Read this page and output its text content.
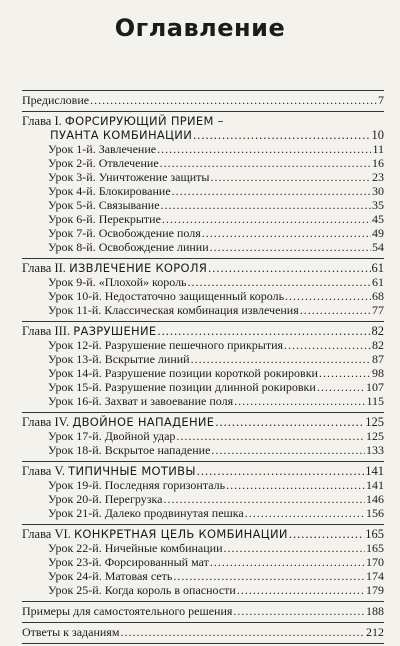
Оглавление
Предисловие .....	7
Глава I.
ФОРСИРУЮЩИЙ ПРИЕМ –
ПУАНТА КОМБИНАЦИИ .....	10
Урок 1-й. Завлечение .....	11
Урок 2-й. Отвлечение .....	16
Урок 3-й. Уничтожение защиты .....	23
Урок 4-й. Блокирование .....	30
Урок 5-й. Связывание .....	35
Урок 6-й. Перекрытие .....	45
Урок 7-й. Освобождение поля .....	49
Урок 8-й. Освобождение линии .....	54
Глава II.
ИЗВЛЕЧЕНИЕ КОРОЛЯ .....	61
Урок 9-й. «Плохой» король .....	61
Урок 10-й. Недостаточно защищенный король .....	68
Урок 11-й. Классическая комбинация извлечения .....	77
Глава III.
РАЗРУШЕНИЕ .....	82
Урок 12-й. Разрушение пешечного прикрытия .....	82
Урок 13-й. Вскрытие линий .....	87
Урок 14-й. Разрушение позиции короткой рокировки .....	98
Урок 15-й. Разрушение позиции длинной рокировки .....	107
Урок 16-й. Захват и завоевание поля .....	115
Глава IV.
ДВОЙНОЕ НАПАДЕНИЕ .....	125
Урок 17-й. Двойной удар .....	125
Урок 18-й. Вскрытое нападение .....	133
Глава V.
ТИПИЧНЫЕ МОТИВЫ .....	141
Урок 19-й. Последняя горизонталь .....	141
Урок 20-й. Перегрузка .....	146
Урок 21-й. Далеко продвинутая пешка .....	156
Глава VI.
КОНКРЕТНАЯ ЦЕЛЬ КОМБИНАЦИИ .....	165
Урок 22-й. Ничейные комбинации .....	165
Урок 23-й. Форсированный мат .....	170
Урок 24-й. Матовая сеть .....	174
Урок 25-й. Когда король в опасности .....	179
Примеры для самостоятельного решения .....	188
Ответы к заданиям .....	212
